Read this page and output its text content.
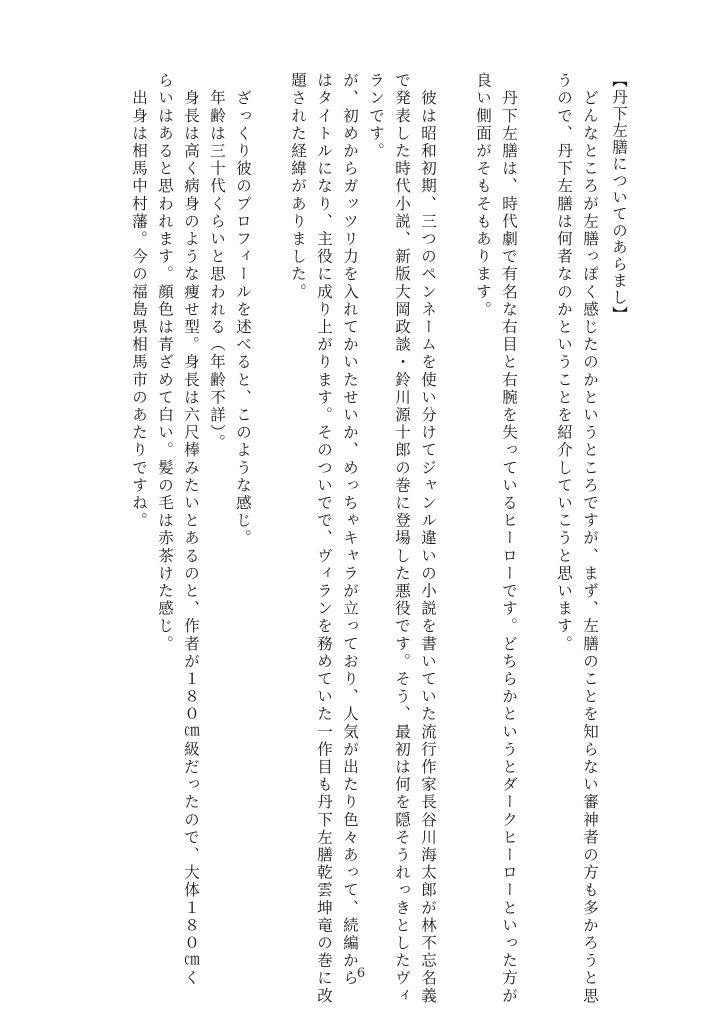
【丹下左膳についてのあらまし】
　どんなところが左膳っぽく感じたのかというところですが、まず、左膳のことを知らない審神者の方も多かろうと思
うので、丹下左膳は何者なのかということを紹介していこうと思います。
　丹下左膳は、時代劇で有名な右目と右腕を失っているヒーローです。どちらかというとダークヒーローといった方が
良い側面がそもそもあります。
　彼は昭和初期、三つのペンネームを使い分けてジャンル違いの小説を書いていた流行作家長谷川海太郎が林不忘名義
で発表した時代小説、新版大岡政談・鈴川源十郎の巻に登場した悪役です。そう、最初は何を隠そうれっきとしたヴィ
ランです。
が、初めからガッツリ力を入れてかいたせいか、めっちゃキャラが立っており、人気が出たり色々あって、続編から
はタイトルになり、主役に成り上がります。そのついでで、ヴィランを務めていた一作目も丹下左膳乾雲坤竜の巻に改
題された経緯がありました。
　ざっくり彼のプロフィールを述べると、このような感じ。
　年齢は三十代くらいと思われる（年齢不詳）。
　身長は高く病身のような痩せ型。身長は六尺棒みたいとあるのと、作者が１８０㎝級だったので、大体１８０㎝く
らいはあると思われます。顔色は青ざめて白い。髪の毛は赤茶けた感じ。
　出身は相馬中村藩。今の福島県相馬市のあたりですね。
6
